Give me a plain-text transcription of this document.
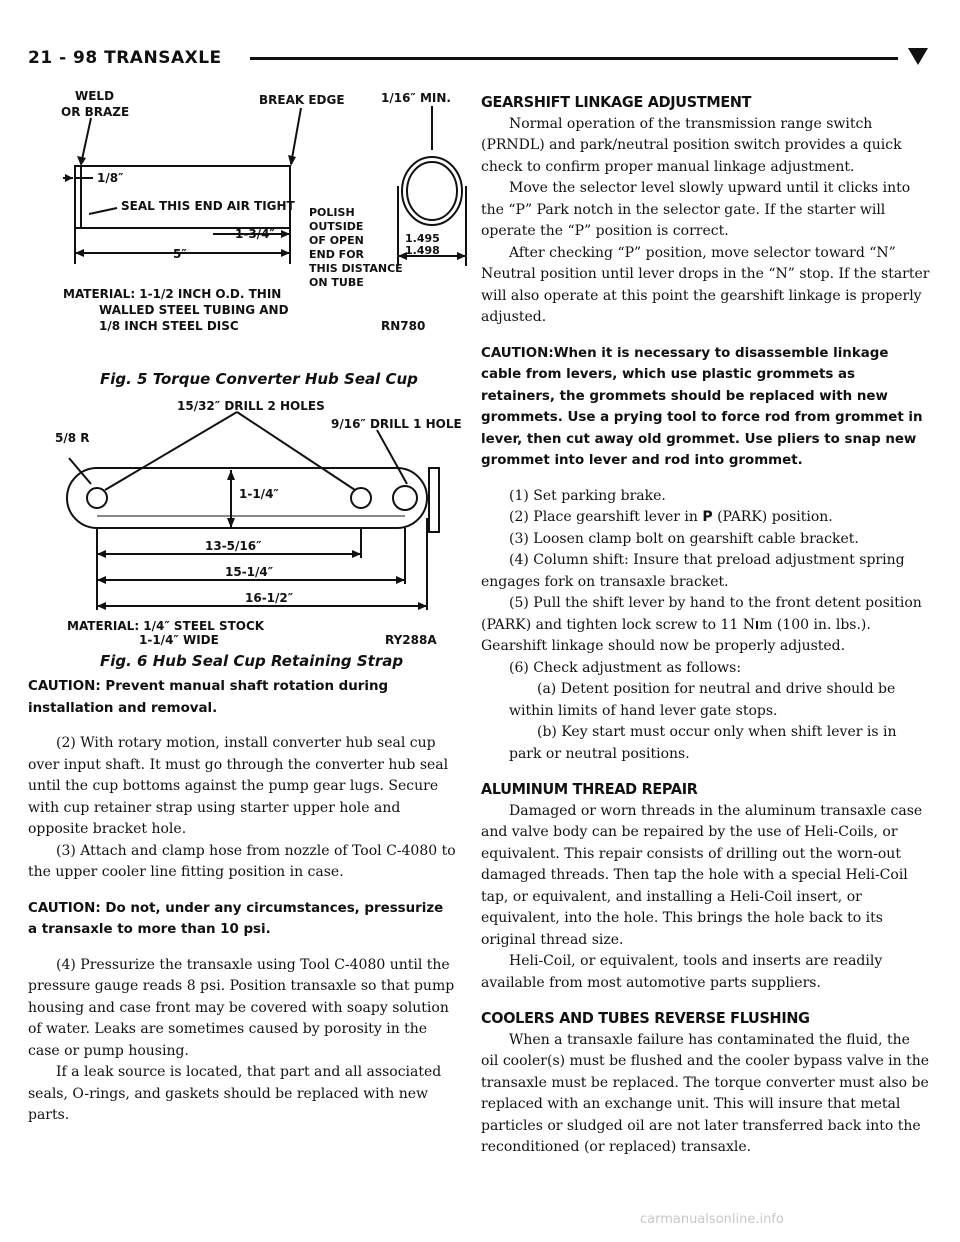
21 - 98 TRANSAXLE
WELD
OR BRAZE
BREAK EDGE	1/16″ MIN.
1/8″
SEAL THIS END AIR TIGHT POLISH
OUTSIDE
OF OPEN
END FOR
THIS DISTANCE
ON TUBE
1-3/4″
5″
1.495
1.498
MATERIAL: 1-1/2 INCH O.D. THIN
WALLED STEEL TUBING AND
1/8 INCH STEEL DISC	RN780
Fig. 5 Torque Converter Hub Seal Cup
15/32″ DRILL 2 HOLES
9/16″ DRILL 1 HOLE
5/8 R
1-1/4″
13-5/16″
15-1/4″
16-1/2″
MATERIAL: 1/4″ STEEL STOCK
1-1/4″ WIDE	RY288A
Fig. 6 Hub Seal Cup Retaining Strap

CAUTION: Prevent manual shaft rotation during installation and removal.

(2) With rotary motion, install converter hub seal cup over input shaft. It must go through the converter hub seal until the cup bottoms against the pump gear lugs. Secure with cup retainer strap using starter upper hole and opposite bracket hole.

(3) Attach and clamp hose from nozzle of Tool C-4080 to the upper cooler line fitting position in case.

CAUTION: Do not, under any circumstances, pressurize a transaxle to more than 10 psi.

(4) Pressurize the transaxle using Tool C-4080 until the pressure gauge reads 8 psi. Position transaxle so that pump housing and case front may be covered with soapy solution of water. Leaks are sometimes caused by porosity in the case or pump housing.

If a leak source is located, that part and all associated seals, O-rings, and gaskets should be replaced with new parts.

GEARSHIFT LINKAGE ADJUSTMENT

Normal operation of the transmission range switch (PRNDL) and park/neutral position switch provides a quick check to confirm proper manual linkage adjustment.

Move the selector level slowly upward until it clicks into the “P” Park notch in the selector gate. If the starter will operate the “P” position is correct.

After checking “P” position, move selector toward “N” Neutral position until lever drops in the “N” stop. If the starter will also operate at this point the gearshift linkage is properly adjusted.

CAUTION:When it is necessary to disassemble linkage cable from levers, which use plastic grommets as retainers, the grommets should be replaced with new grommets. Use a prying tool to force rod from grommet in lever, then cut away old grommet. Use pliers to snap new grommet into lever and rod into grommet.

(1) Set parking brake.

(2) Place gearshift lever in P (PARK) position.

(3) Loosen clamp bolt on gearshift cable bracket.

(4) Column shift: Insure that preload adjustment spring engages fork on transaxle bracket.

(5) Pull the shift lever by hand to the front detent position (PARK) and tighten lock screw to 11 NIm (100 in. lbs.). Gearshift linkage should now be properly adjusted.

(6) Check adjustment as follows:

(a) Detent position for neutral and drive should be within limits of hand lever gate stops.

(b) Key start must occur only when shift lever is in park or neutral positions.

ALUMINUM THREAD REPAIR

Damaged or worn threads in the aluminum transaxle case and valve body can be repaired by the use of Heli-Coils, or equivalent. This repair consists of drilling out the worn-out damaged threads. Then tap the hole with a special Heli-Coil tap, or equivalent, and installing a Heli-Coil insert, or equivalent, into the hole. This brings the hole back to its original thread size.

Heli-Coil, or equivalent, tools and inserts are readily available from most automotive parts suppliers.

COOLERS AND TUBES REVERSE FLUSHING

When a transaxle failure has contaminated the fluid, the oil cooler(s) must be flushed and the cooler bypass valve in the transaxle must be replaced. The torque converter must also be replaced with an exchange unit. This will insure that metal particles or sludged oil are not later transferred back into the reconditioned (or replaced) transaxle.

carmanualsonline.info
